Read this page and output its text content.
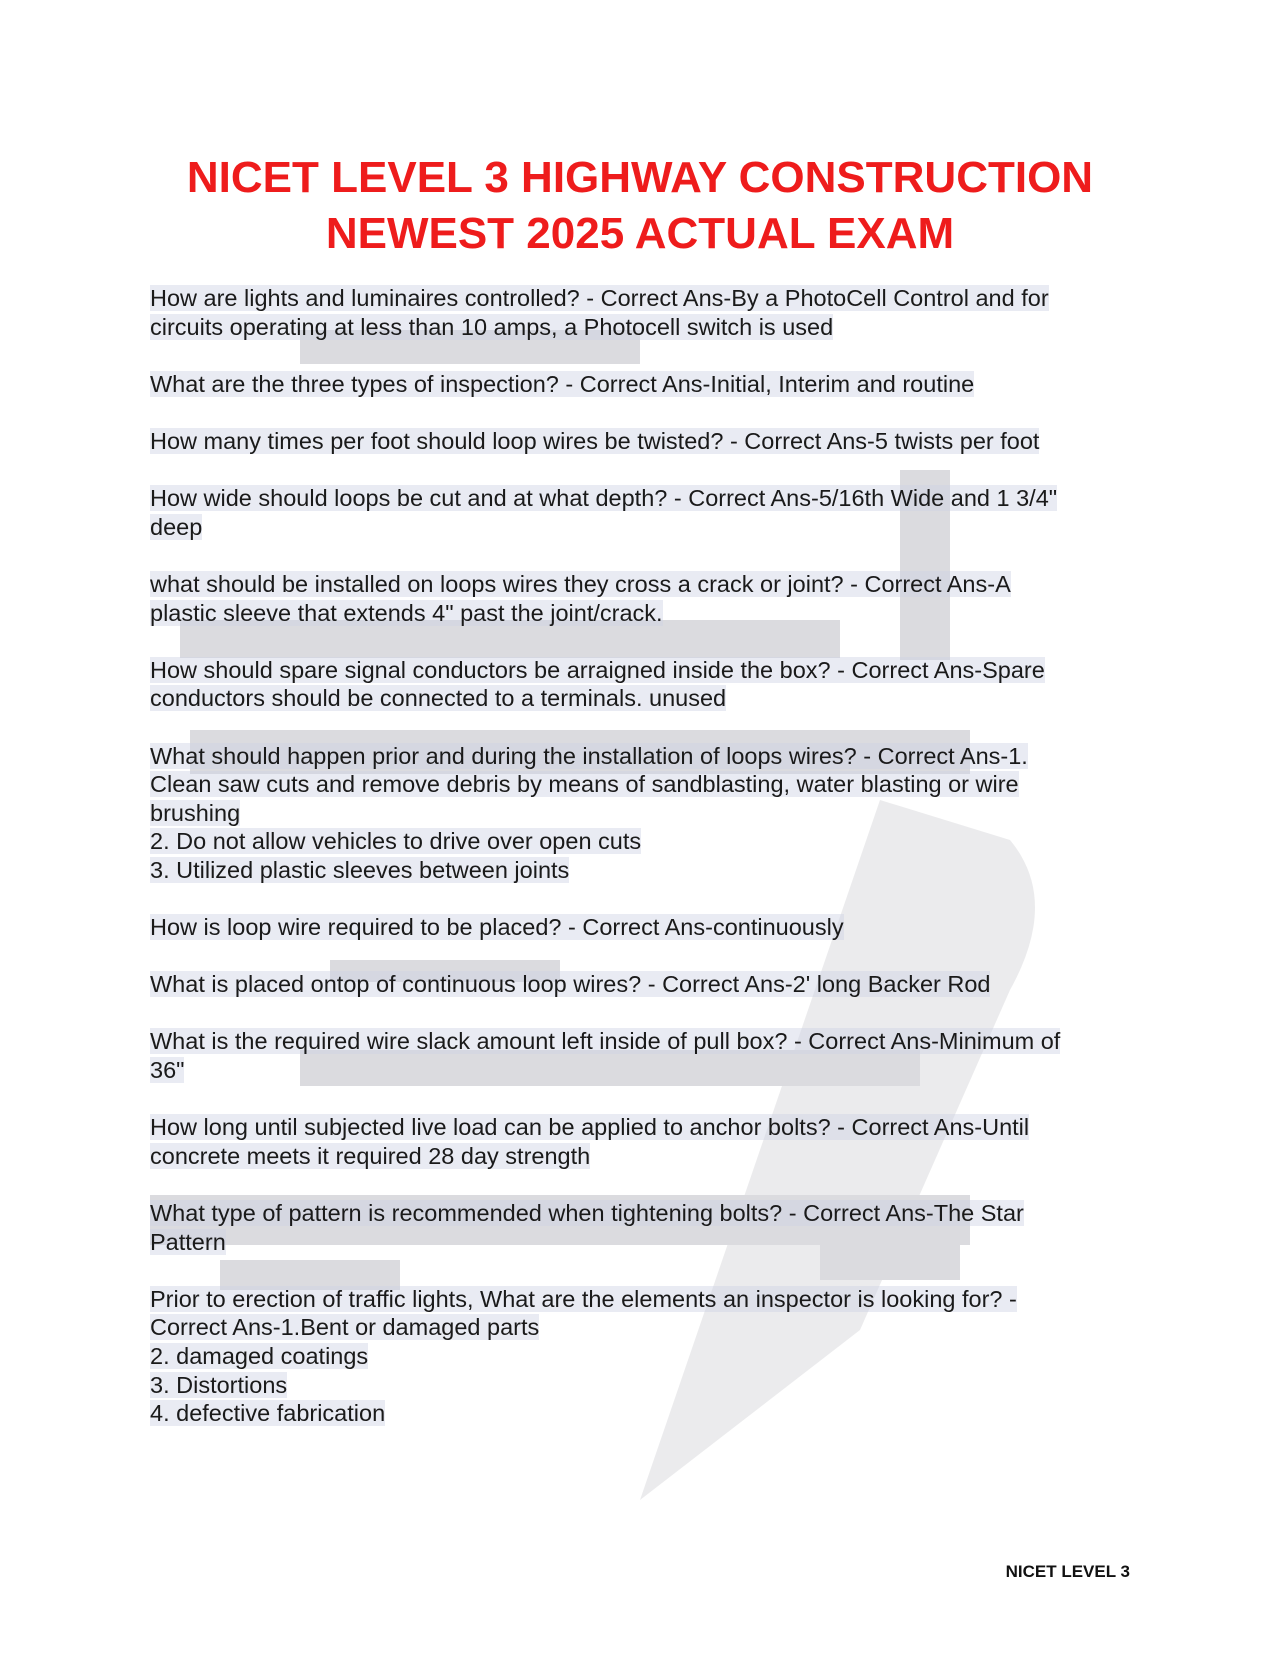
NICET LEVEL 3 HIGHWAY CONSTRUCTION
NEWEST 2025 ACTUAL EXAM

How are lights and luminaires controlled? - Correct Ans-By a PhotoCell Control and for
circuits operating at less than 10 amps, a Photocell switch is used

What are the three types of inspection? - Correct Ans-Initial, Interim and routine

How many times per foot should loop wires be twisted? - Correct Ans-5 twists per foot

How wide should loops be cut and at what depth? - Correct Ans-5/16th Wide and 1 3/4"
deep

what should be installed on loops wires they cross a crack or joint? - Correct Ans-A
plastic sleeve that extends 4" past the joint/crack.

How should spare signal conductors be arraigned inside the box? - Correct Ans-Spare
conductors should be connected to a terminals. unused

What should happen prior and during the installation of loops wires? - Correct Ans-1.
Clean saw cuts and remove debris by means of sandblasting, water blasting or wire
brushing
2. Do not allow vehicles to drive over open cuts
3. Utilized plastic sleeves between joints

How is loop wire required to be placed? - Correct Ans-continuously

What is placed ontop of continuous loop wires? - Correct Ans-2' long Backer Rod

What is the required wire slack amount left inside of pull box? - Correct Ans-Minimum of
36"

How long until subjected live load can be applied to anchor bolts? - Correct Ans-Until
concrete meets it required 28 day strength

What type of pattern is recommended when tightening bolts? - Correct Ans-The Star
Pattern

Prior to erection of traffic lights, What are the elements an inspector is looking for? -
Correct Ans-1.Bent or damaged parts
2. damaged coatings
3. Distortions
4. defective fabrication

NICET LEVEL 3
